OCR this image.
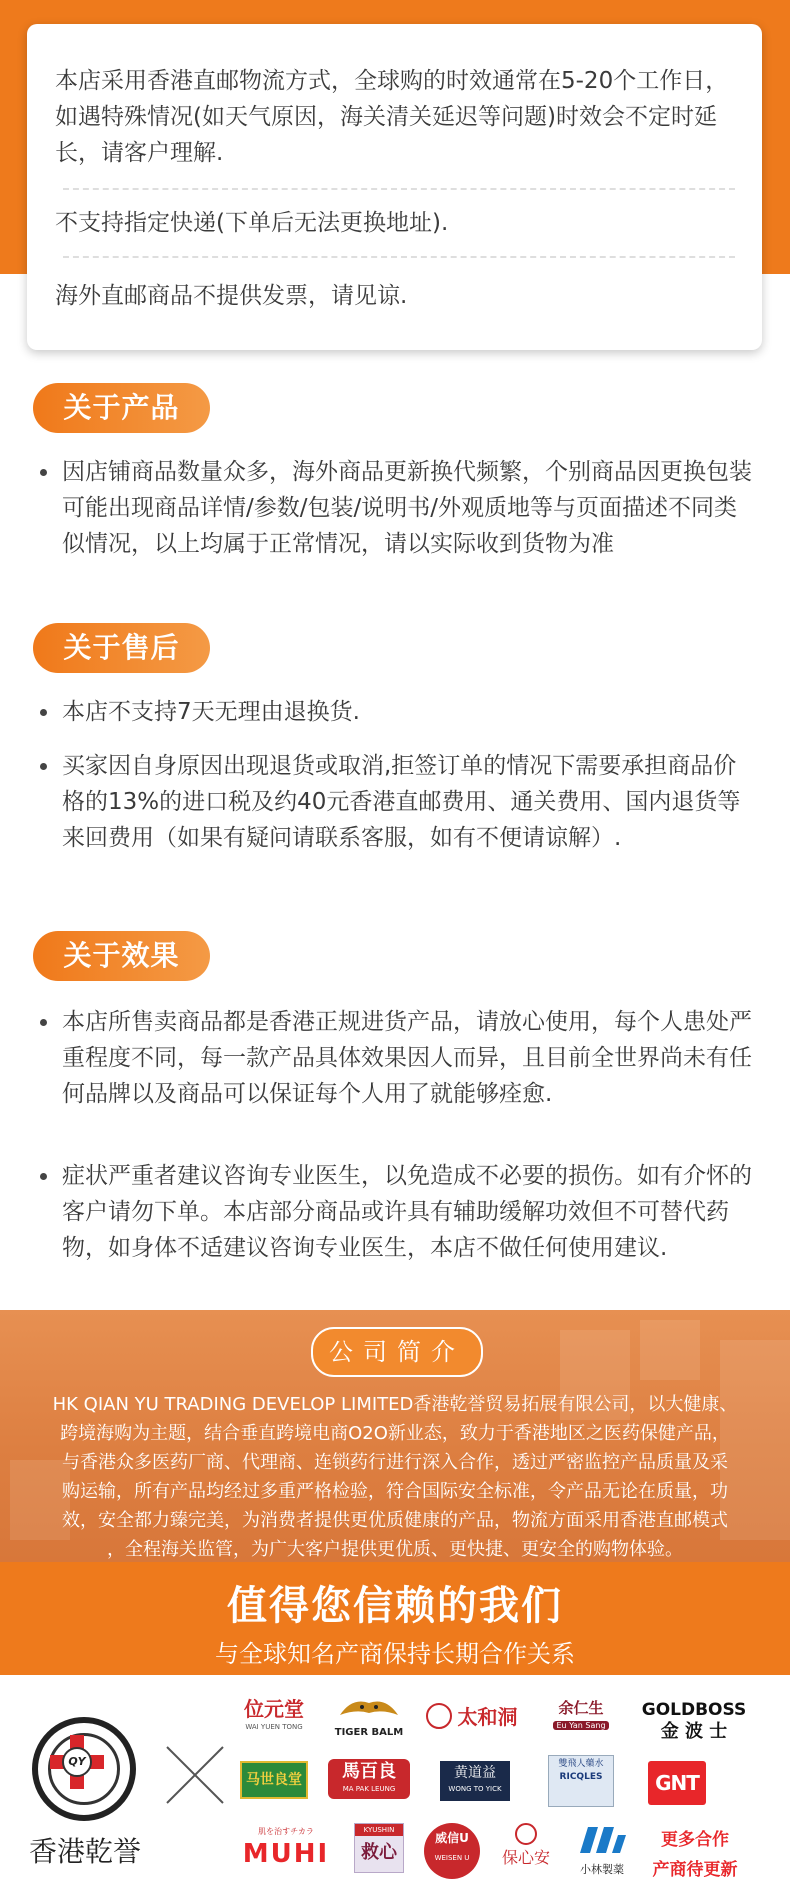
本店采用香港直邮物流方式，全球购的时效通常在5-20个工作日，如遇特殊情况(如天气原因，海关清关延迟等问题)时效会不定时延长，请客户理解.

不支持指定快递(下单后无法更换地址).

海外直邮商品不提供发票，请见谅.

关于产品

因店铺商品数量众多，海外商品更新换代频繁，个别商品因更换包装可能出现商品详情/参数/包装/说明书/外观质地等与页面描述不同类似情况，以上均属于正常情况，请以实际收到货物为准

关于售后

本店不支持7天无理由退换货.

买家因自身原因出现退货或取消,拒签订单的情况下需要承担商品价格的13%的进口税及约40元香港直邮费用、通关费用、国内退货等来回费用（如果有疑问请联系客服，如有不便请谅解）.

关于效果

本店所售卖商品都是香港正规进货产品，请放心使用，每个人患处严重程度不同，每一款产品具体效果因人而异，且目前全世界尚未有任何品牌以及商品可以保证每个人用了就能够痊愈.

症状严重者建议咨询专业医生，以免造成不必要的损伤。如有介怀的客户请勿下单。本店部分商品或许具有辅助缓解功效但不可替代药物，如身体不适建议咨询专业医生，本店不做任何使用建议.

公司简介
HK QIAN YU TRADING DEVELOP LIMITED香港乾誉贸易拓展有限公司，以大健康、
跨境海购为主题，结合垂直跨境电商O2O新业态，致力于香港地区之医药保健产品，
与香港众多医药厂商、代理商、连锁药行进行深入合作，透过严密监控产品质量及采
购运输，所有产品均经过多重严格检验，符合国际安全标准，令产品无论在质量，功
效，安全都力臻完美，为消费者提供更优质健康的产品，物流方面采用香港直邮模式
，全程海关监管，为广大客户提供更优质、更快捷、更安全的购物体验。
值得您信赖的我们
与全球知名产商保持长期合作关系
QY
香港乾誉
位元堂
WAI YUEN TONG	TIGER BALM
太和洞	余仁生
Eu Yan Sang
GOLDBOSS
金 波 士
马世良堂	馬百良
MA PAK LEUNG
黄道益
WONG TO YICK
雙飛人藥水
RICQLES	GNT
肌を治すチカラ
MUHI
KYUSHIN
救心
威信U
WEISEN U	保心安
小林製薬
更多合作
产商待更新
